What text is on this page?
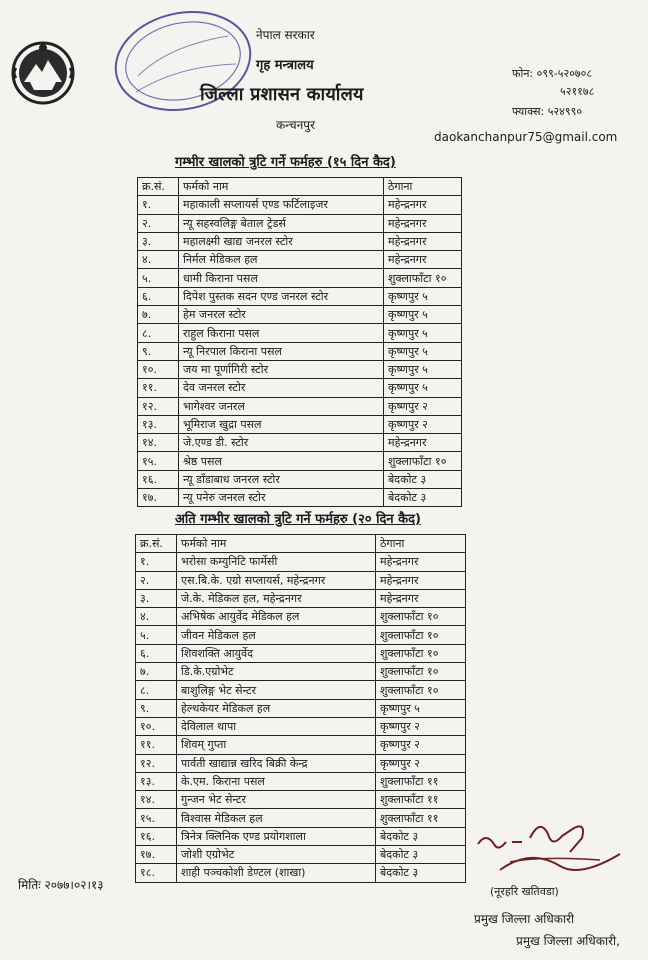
नेपाल सरकार
गृह मन्त्रालय
जिल्ला प्रशासन कार्यालय
कन्चनपुर
फोन: ०९९-५२०७०८
५२११७८
फ्याक्स: ५२४९९०
daokanchanpur75@gmail.com
गम्भीर खालको त्रुटि गर्ने फर्महरु (१५ दिन कैद)
क्र.सं.	फर्मको नाम	ठेगाना
१.	महाकाली सप्लायर्स एण्ड फर्टिलाइजर	महेन्द्रनगर
२.	न्यू सहस्वलिङ्ग बेताल ट्रेडर्स	महेन्द्रनगर
३.	महालक्ष्मी खाद्य जनरल स्टोर	महेन्द्रनगर
४.	निर्मल मेडिकल हल	महेन्द्रनगर
५.	धामी किराना पसल	शुक्लाफाँटा १०
६.	दिपेश पुस्तक सदन एण्ड जनरल स्टोर	कृष्णपुर ५
७.	हेम जनरल स्टोर	कृष्णपुर ५
८.	राहुल किराना पसल	कृष्णपुर ५
९.	न्यू निरपाल किराना पसल	कृष्णपुर ५
१०.	जय मा पूर्णागिरी स्टोर	कृष्णपुर ५
११.	देव जनरल स्टोर	कृष्णपुर ५
१२.	भागेश्वर जनरल	कृष्णपुर २
१३.	भूमिराज खुद्रा पसल	कृष्णपुर २
१४.	जे.एण्ड डी. स्टोर	महेन्द्रनगर
१५.	श्रेष्ठ पसल	शुक्लाफाँटा १०
१६.	न्यू डाँडाबाध जनरल स्टोर	बेदकोट ३
१७.	न्यू पनेरु जनरल स्टोर	बेदकोट ३
अति गम्भीर खालको त्रुटि गर्ने फर्महरु (२० दिन कैद)
क्र.सं.	फर्मको नाम	ठेगाना
१.	भरोसा कम्युनिटि फार्मेसी	महेन्द्रनगर
२.	एस.बि.के. एग्रो सप्लायर्स, महेन्द्रनगर	महेन्द्रनगर
३.	जे.के. मेडिकल हल, महेन्द्रनगर	महेन्द्रनगर
४.	अभिषेक आयुर्वेद मेडिकल हल	शुक्लाफाँटा १०
५.	जीवन मेडिकल हल	शुक्लाफाँटा १०
६.	शिवशक्ति आयुर्वेद	शुक्लाफाँटा १०
७.	डि.के.एग्रोभेट	शुक्लाफाँटा १०
८.	बाशुलिङ्ग भेट सेन्टर	शुक्लाफाँटा १०
९.	हेल्थकेयर मेडिकल हल	कृष्णपुर ५
१०.	देविलाल थापा	कृष्णपुर २
११.	शिवम् गुप्ता	कृष्णपुर २
१२.	पार्वती खाद्यान्न खरिद बिक्री केन्द्र	कृष्णपुर २
१३.	के.एम. किराना पसल	शुक्लाफाँटा ११
१४.	गुन्जन भेट सेन्टर	शुक्लाफाँटा ११
१५.	विश्वास मेडिकल हल	शुक्लाफाँटा ११
१६.	त्रिनेत्र क्लिनिक एण्ड प्रयोगशाला	बेदकोट ३
१७.	जोशी एग्रोभेट	बेदकोट ३
१८.	शाही पञ्चकोशी डेण्टल (शाखा)	बेदकोट ३
मितिः २०७७।०२।१३	(नूरहरि खतिवडा)
प्रमुख जिल्ला अधिकारी
प्रमुख जिल्ला अधिकारी,
